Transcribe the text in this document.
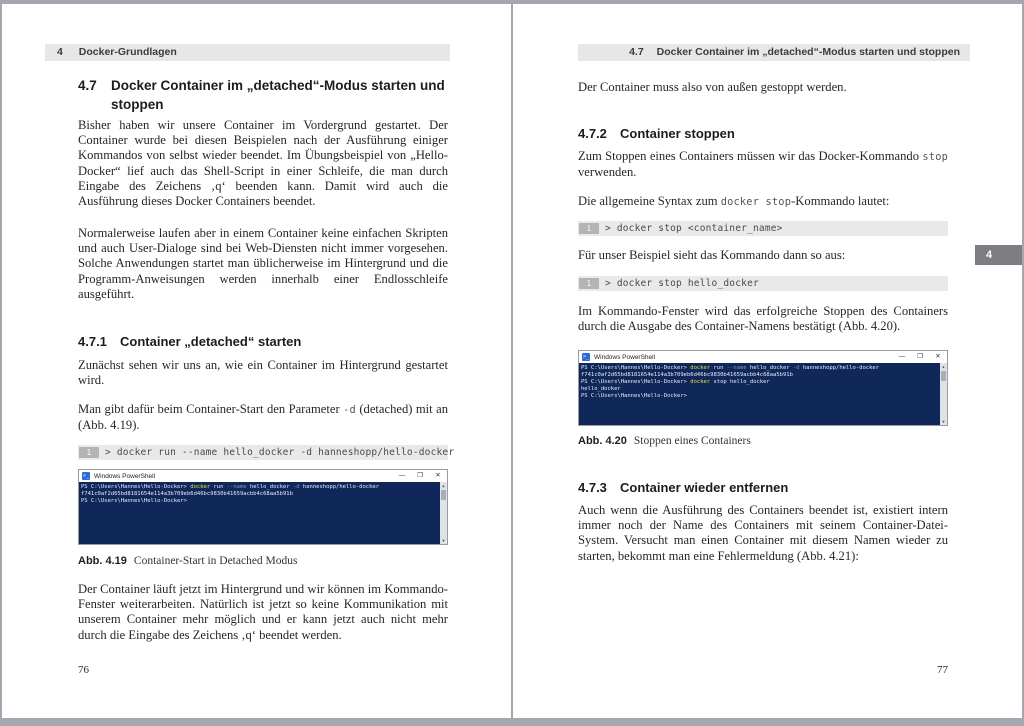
4 Docker-Grundlagen
4.7	Docker Container im „detached“-Modus starten und stoppen

Bisher haben wir unsere Container im Vordergrund gestartet. Der Container wurde bei diesen Beispielen nach der Ausführung einiger Kommandos von selbst wieder beendet. Im Übungsbeispiel von „Hello-Docker“ lief auch das Shell-Script in einer Schleife, die man durch Eingabe des Zeichens ‚q‘ beenden kann. Damit wird auch die Ausführung dieses Docker Containers beendet.

Normalerweise laufen aber in einem Container keine einfachen Skripten und auch User-Dialoge sind bei Web-Diensten nicht immer vorgesehen. Solche Anwendungen startet man üblicherweise im Hintergrund und die Programm-Anweisungen werden innerhalb einer Endlosschleife ausgeführt.

4.7.1	Container „detached“ starten

Zunächst sehen wir uns an, wie ein Container im Hintergrund gestartet wird.

Man gibt dafür beim Container-Start den Parameter -d (detached) mit an (Abb. 4.19).

1	> docker run --name hello_docker -d hanneshopp/hello-docker
>_ Windows PowerShell	—	❒	✕
PS C:\Users\Hannes\Hello-Docker> docker run --name hello_docker -d hanneshopp/hello-docker
f741c0af2d65bd8181654e114a3b709eb6d46bc9830b41659acbb4c68aa5b91b
PS C:\Users\Hannes\Hello-Docker>
▲
▼
Abb. 4.19 Container-Start in Detached Modus

Der Container läuft jetzt im Hintergrund und wir können im Kommando-Fenster weiterarbeiten. Natürlich ist jetzt so keine Kommunikation mit unserem Container mehr möglich und er kann jetzt auch nicht mehr durch die Eingabe des Zeichens ‚q‘ beendet werden.

76
4.7 Docker Container im „detached“-Modus starten und stoppen

Der Container muss also von außen gestoppt werden.

4.7.2	Container stoppen

Zum Stoppen eines Containers müssen wir das Docker-Kommando stop verwenden.

Die allgemeine Syntax zum docker stop-Kommando lautet:

1	> docker stop <container_name>

Für unser Beispiel sieht das Kommando dann so aus:

1	> docker stop hello_docker

Im Kommando-Fenster wird das erfolgreiche Stoppen des Containers durch die Ausgabe des Container-Namens bestätigt (Abb. 4.20).

>_ Windows PowerShell	—	❒	✕
PS C:\Users\Hannes\Hello-Docker> docker run --name hello_docker -d hanneshopp/hello-docker
f741c0af2d65bd8181654e114a3b709eb6d46bc9830b41659acbb4c68aa5b91b
PS C:\Users\Hannes\Hello-Docker> docker stop hello_docker
hello_docker
PS C:\Users\Hannes\Hello-Docker>
▲
▼
Abb. 4.20 Stoppen eines Containers
4.7.3	Container wieder entfernen

Auch wenn die Ausführung des Containers beendet ist, existiert intern immer noch der Name des Containers mit seinem Container-Datei-System. Versucht man einen Container mit diesem Namen wieder zu starten, bekommt man eine Fehlermeldung (Abb. 4.21):

77
4
